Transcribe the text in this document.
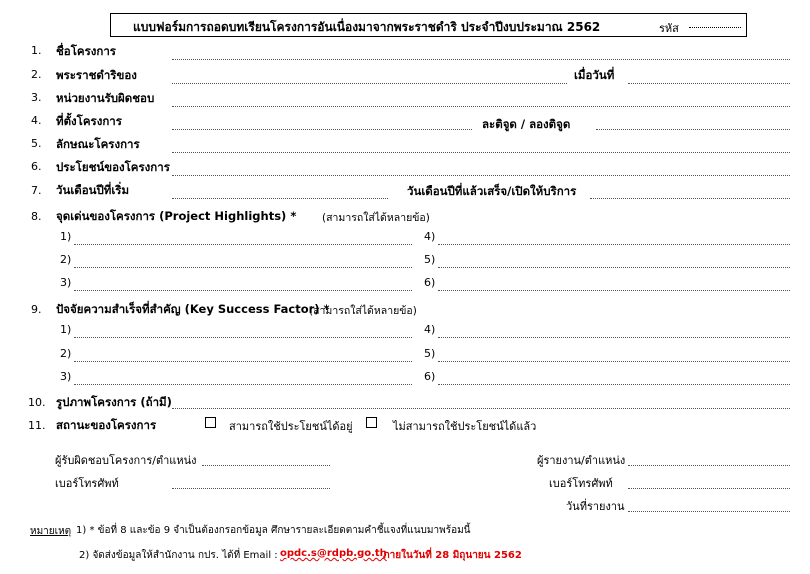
แบบฟอร์มการถอดบทเรียนโครงการอันเนื่องมาจากพระราชดำริ ประจำปีงบประมาณ 2562	รหัส
1. ชื่อโครงการ
2. พระราชดำริของ	เมื่อวันที่
3. หน่วยงานรับผิดชอบ
4. ที่ตั้งโครงการ	ละติจูด / ลองติจูด
5. ลักษณะโครงการ
6. ประโยชน์ของโครงการ
7. วันเดือนปีที่เริ่ม	วันเดือนปีที่แล้วเสร็จ/เปิดให้บริการ
8. จุดเด่นของโครงการ (Project Highlights) * (สามารถใส่ได้หลายข้อ)
1)	4)
2)	5)
3)	6)
9. ปัจจัยความสำเร็จที่สำคัญ (Key Success Factor) *
(สามารถใส่ได้หลายข้อ)
1)	4)
2)	5)
3)	6)
10. รูปภาพโครงการ (ถ้ามี)
11. สถานะของโครงการ	สามารถใช้ประโยชน์ได้อยู่	ไม่สามารถใช้ประโยชน์ได้แล้ว
ผู้รับผิดชอบโครงการ/ตำแหน่ง
เบอร์โทรศัพท์
ผู้รายงาน/ตำแหน่ง
เบอร์โทรศัพท์
วันที่รายงาน
หมายเหตุ 1) * ข้อที่ 8 และข้อ 9 จำเป็นต้องกรอกข้อมูล ศึกษารายละเอียดตามคำชี้แจงที่แนบมาพร้อมนี้
2) จัดส่งข้อมูลให้สำนักงาน กปร. ได้ที่ Email : opdc.s@rdpb.go.th
ภายในวันที่ 28 มิถุนายน 2562
